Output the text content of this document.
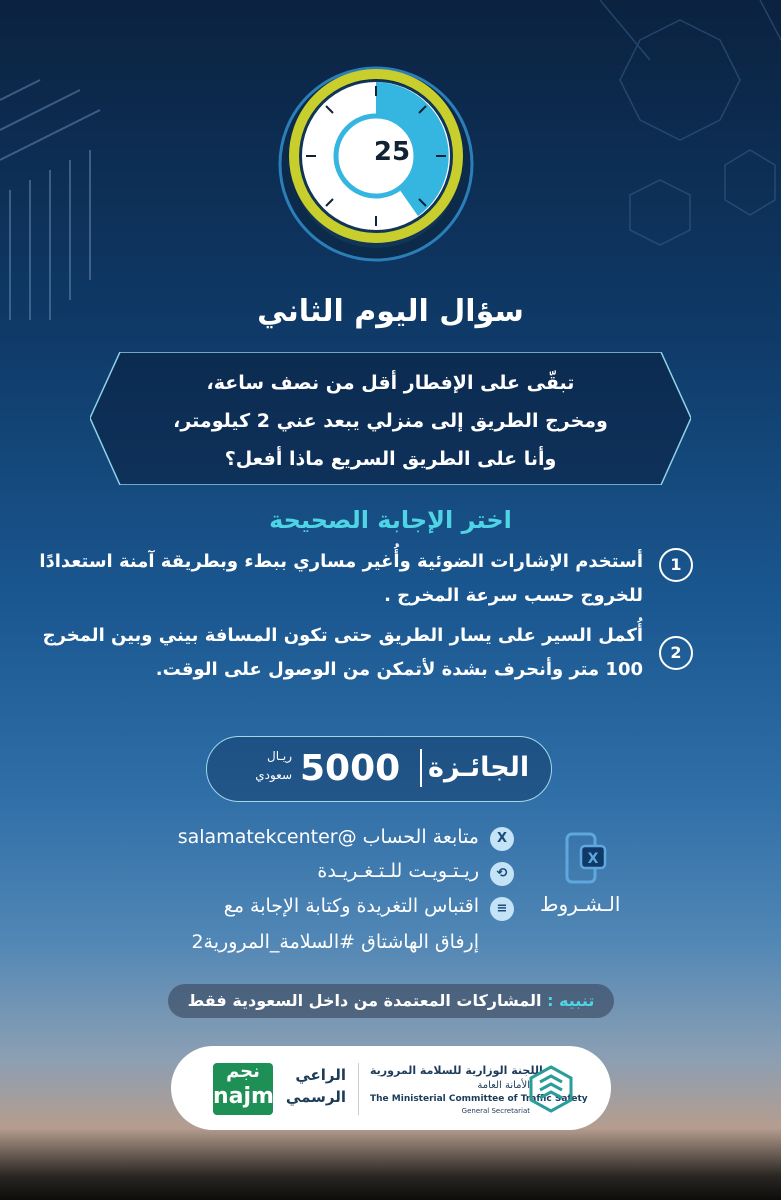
25
سؤال اليوم الثاني
تبقّى على الإفطار أقل من نصف ساعة،
ومخرج الطريق إلى منزلي يبعد عني 2 كيلومتر،
وأنا على الطريق السريع ماذا أفعل؟
اختر الإجابة الصحيحة
1
أستخدم الإشارات الضوئية وأُغير مساري ببطء وبطريقة آمنة استعدادًا
للخروج حسب سرعة المخرج .
2
أُكمل السير على يسار الطريق حتى تكون المسافة بيني وبين المخرج
100 متر وأنحرف بشدة لأتمكن من الوصول على الوقت.
الجائـزة
5000
ريـال
سعودي
X
الـشـروط
X
متابعة الحساب @salamatekcenter
⟲
ريـتـويـت للـتـغـريـدة
≡
اقتباس التغريدة وكتابة الإجابة مع
إرفاق الهاشتاق #السلامة_المرورية2
تنبيه : المشاركات المعتمدة من داخل السعودية فقط
نجم
najm
الراعي
الرسمي
اللجنة الوزارية للسلامة المرورية
الأمانة العامة
The Ministerial Committee of Traffic Safety
General Secretariat
